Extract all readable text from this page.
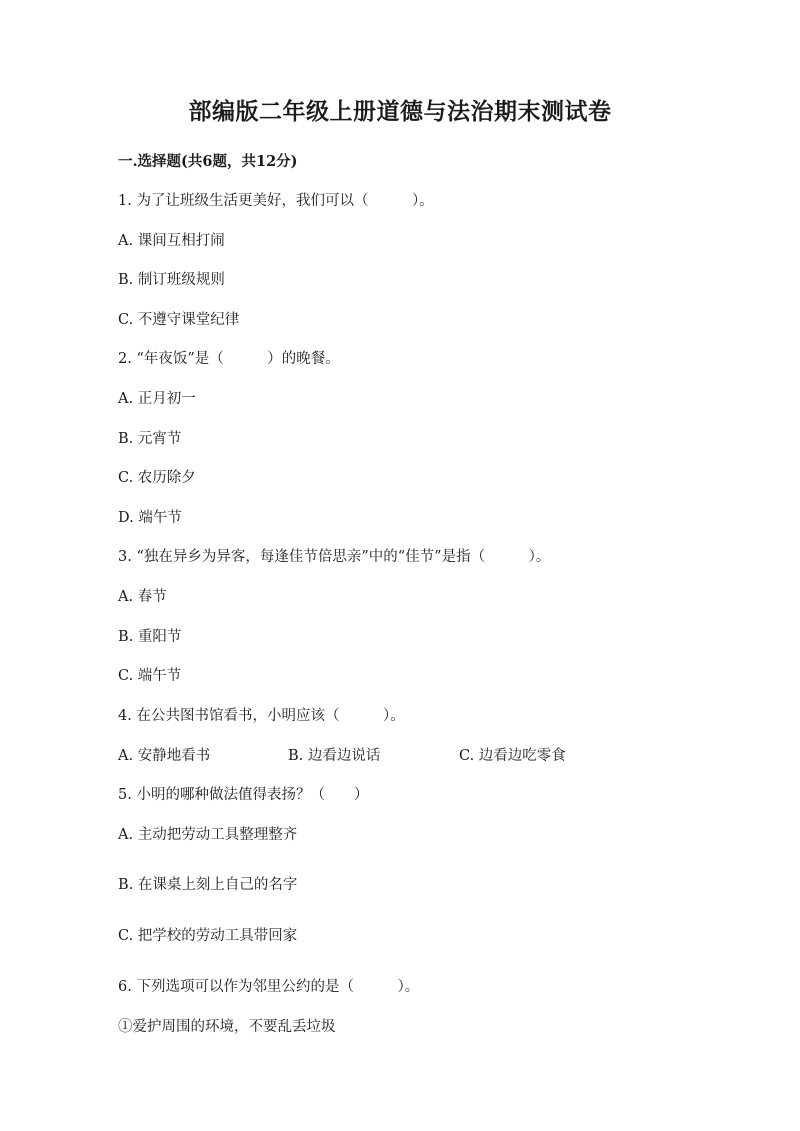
部编版二年级上册道德与法治期末测试卷
一.选择题(共6题，共12分)
1. 为了让班级生活更美好，我们可以（　　　）。
A. 课间互相打闹
B. 制订班级规则
C. 不遵守课堂纪律
2. “年夜饭”是（　　　）的晚餐。
A. 正月初一
B. 元宵节
C. 农历除夕
D. 端午节
3. “独在异乡为异客，每逢佳节倍思亲”中的“佳节”是指（　　　）。
A. 春节
B. 重阳节
C. 端午节
4. 在公共图书馆看书，小明应该（　　　）。
A. 安静地看书	B. 边看边说话	C. 边看边吃零食
5. 小明的哪种做法值得表扬？（　　）
A. 主动把劳动工具整理整齐
B. 在课桌上刻上自己的名字
C. 把学校的劳动工具带回家
6. 下列选项可以作为邻里公约的是（　　　）。
①爱护周围的环境，不要乱丢垃圾
